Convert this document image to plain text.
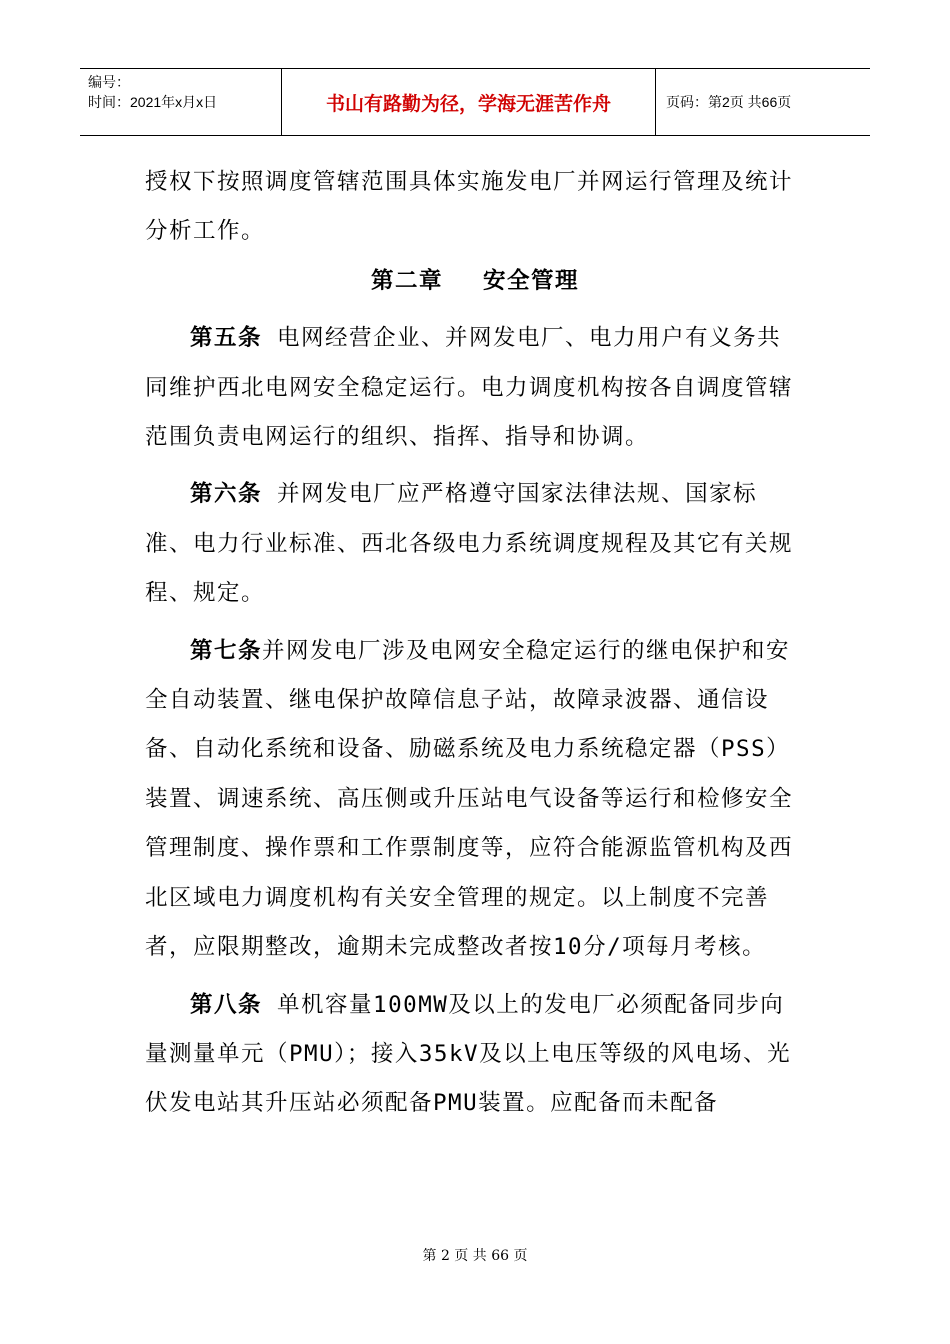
编号：
时间：2021年x月x日	书山有路勤为径，学海无涯苦作舟	页码：第2页 共66页

授权下按照调度管辖范围具体实施发电厂并网运行管理及统计分析工作。

第二章 安全管理

第五条 电网经营企业、并网发电厂、电力用户有义务共同维护西北电网安全稳定运行。电力调度机构按各自调度管辖范围负责电网运行的组织、指挥、指导和协调。

第六条 并网发电厂应严格遵守国家法律法规、国家标准、电力行业标准、西北各级电力系统调度规程及其它有关规程、规定。

第七条并网发电厂涉及电网安全稳定运行的继电保护和安全自动装置、继电保护故障信息子站，故障录波器、通信设备、自动化系统和设备、励磁系统及电力系统稳定器（PSS）装置、调速系统、高压侧或升压站电气设备等运行和检修安全管理制度、操作票和工作票制度等，应符合能源监管机构及西北区域电力调度机构有关安全管理的规定。以上制度不完善者，应限期整改，逾期未完成整改者按10分/项每月考核。

第八条 单机容量100MW及以上的发电厂必须配备同步向量测量单元（PMU）；接入35kV及以上电压等级的风电场、光伏发电站其升压站必须配备PMU装置。应配备而未配备

第 2 页 共 66 页
